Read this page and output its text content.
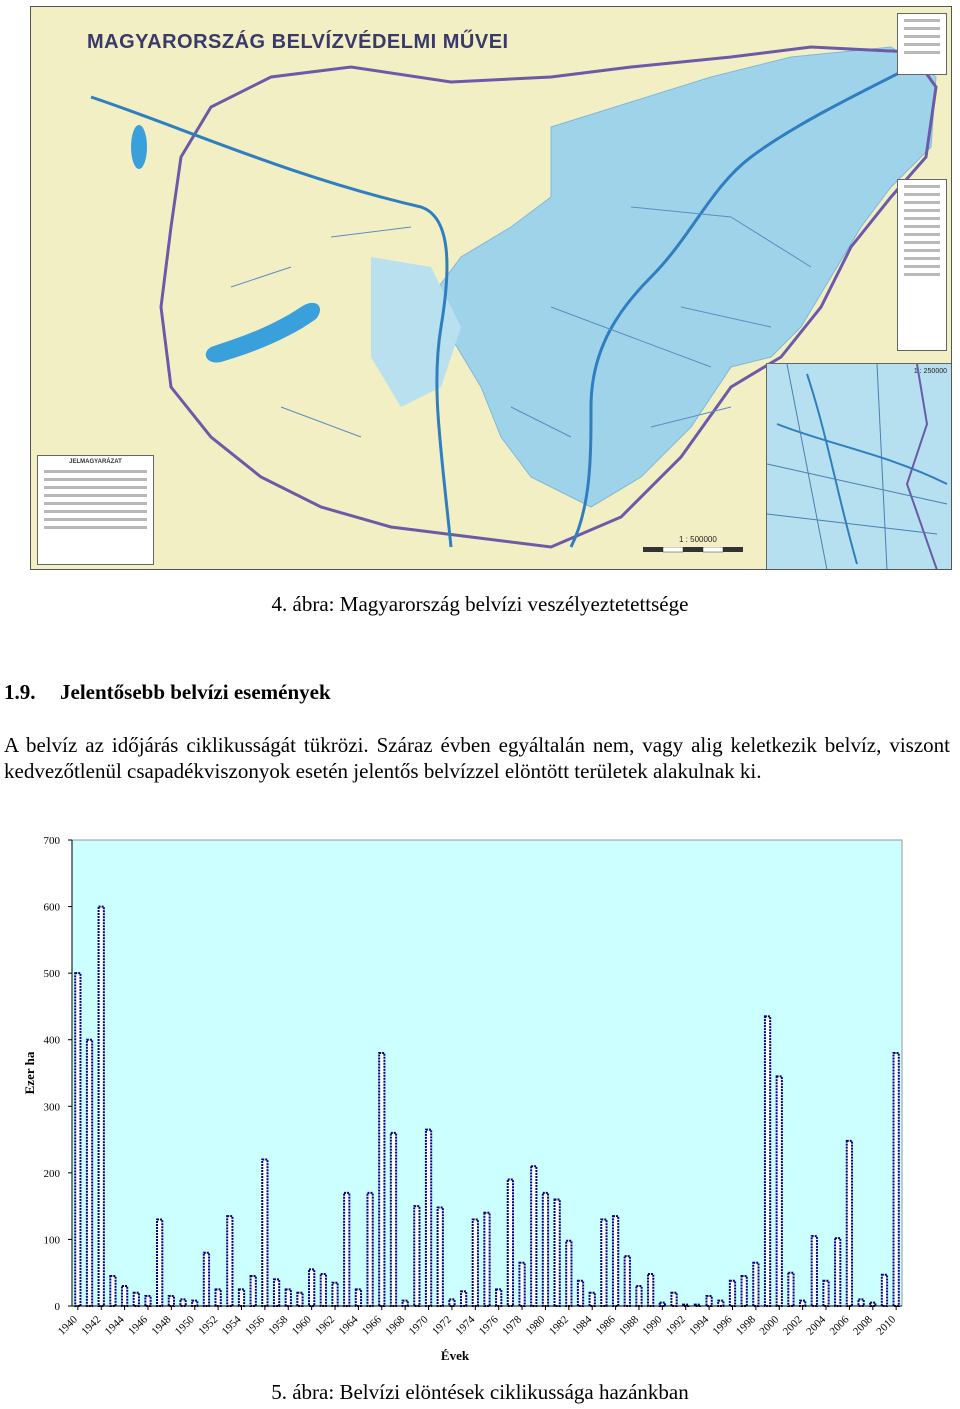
MAGYARORSZÁG BELVÍZVÉDELMI MŰVEI
JELMAGYARÁZAT
1 : 250000
1 : 500000
4. ábra: Magyarország belvízi veszélyeztetettsége
1.9. Jelentősebb belvízi események
A belvíz az időjárás ciklikusságát tükrözi. Száraz évben egyáltalán nem, vagy alig keletkezik belvíz, viszont kedvezőtlenül csapadékviszonyok esetén jelentős belvízzel elöntött területek alakulnak ki.
0
100
200
300
400
500
600
700
1940 1942 1944 1946 1948 1950 1952 1954 1956 1958 1960 1962 1964 1966 1968 1970 1972 1974 1976 1978 1980 1982 1984 1986 1988 1990 1992 1994 1996 1998 2000 2002 2004 2006 2008 2010
Ezer ha
Évek
5. ábra: Belvízi elöntések ciklikussága hazánkban
